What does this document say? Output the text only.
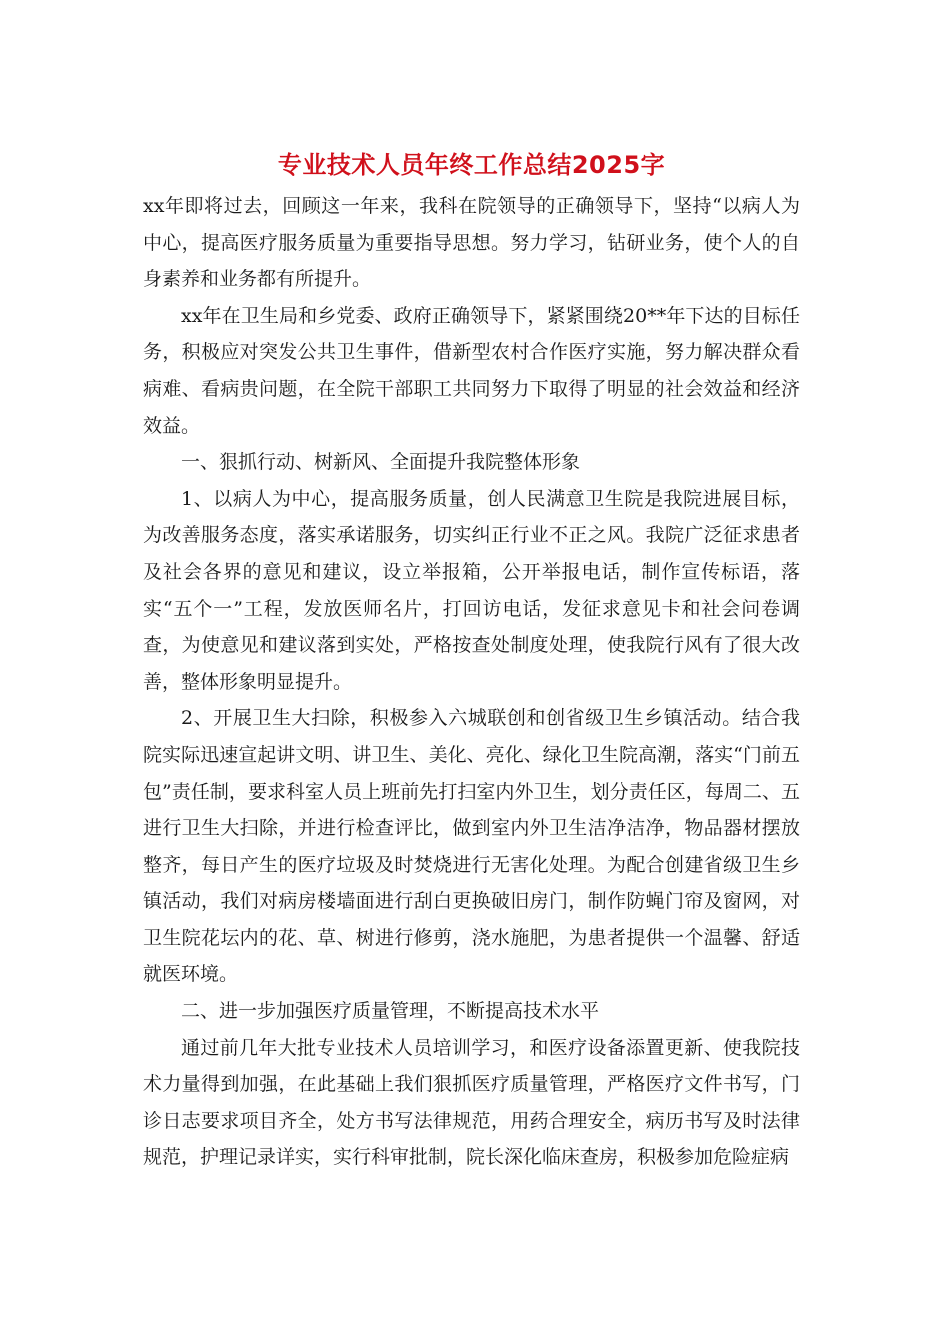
专业技术人员年终工作总结2025字

xx年即将过去，回顾这一年来，我科在院领导的正确领导下，坚持“以病人为中心，提高医疗服务质量为重要指导思想。努力学习，钻研业务，使个人的自身素养和业务都有所提升。

xx年在卫生局和乡党委、政府正确领导下，紧紧围绕20**年下达的目标任务，积极应对突发公共卫生事件，借新型农村合作医疗实施，努力解决群众看病难、看病贵问题，在全院干部职工共同努力下取得了明显的社会效益和经济效益。

一、狠抓行动、树新风、全面提升我院整体形象

1、以病人为中心，提高服务质量，创人民满意卫生院是我院进展目标，为改善服务态度，落实承诺服务，切实纠正行业不正之风。我院广泛征求患者及社会各界的意见和建议，设立举报箱，公开举报电话，制作宣传标语，落实“五个一”工程，发放医师名片，打回访电话，发征求意见卡和社会问卷调查，为使意见和建议落到实处，严格按查处制度处理，使我院行风有了很大改善，整体形象明显提升。

2、开展卫生大扫除，积极参入六城联创和创省级卫生乡镇活动。结合我院实际迅速宣起讲文明、讲卫生、美化、亮化、绿化卫生院高潮，落实“门前五包”责任制，要求科室人员上班前先打扫室内外卫生，划分责任区，每周二、五进行卫生大扫除，并进行检查评比，做到室内外卫生洁净洁净，物品器材摆放整齐，每日产生的医疗垃圾及时焚烧进行无害化处理。为配合创建省级卫生乡镇活动，我们对病房楼墙面进行刮白更换破旧房门，制作防蝇门帘及窗网，对卫生院花坛内的花、草、树进行修剪，浇水施肥，为患者提供一个温馨、舒适就医环境。

二、进一步加强医疗质量管理，不断提高技术水平

通过前几年大批专业技术人员培训学习，和医疗设备添置更新、使我院技术力量得到加强，在此基础上我们狠抓医疗质量管理，严格医疗文件书写，门诊日志要求项目齐全，处方书写法律规范，用药合理安全，病历书写及时法律规范，护理记录详实，实行科审批制，院长深化临床查房，积极参加危险症病
